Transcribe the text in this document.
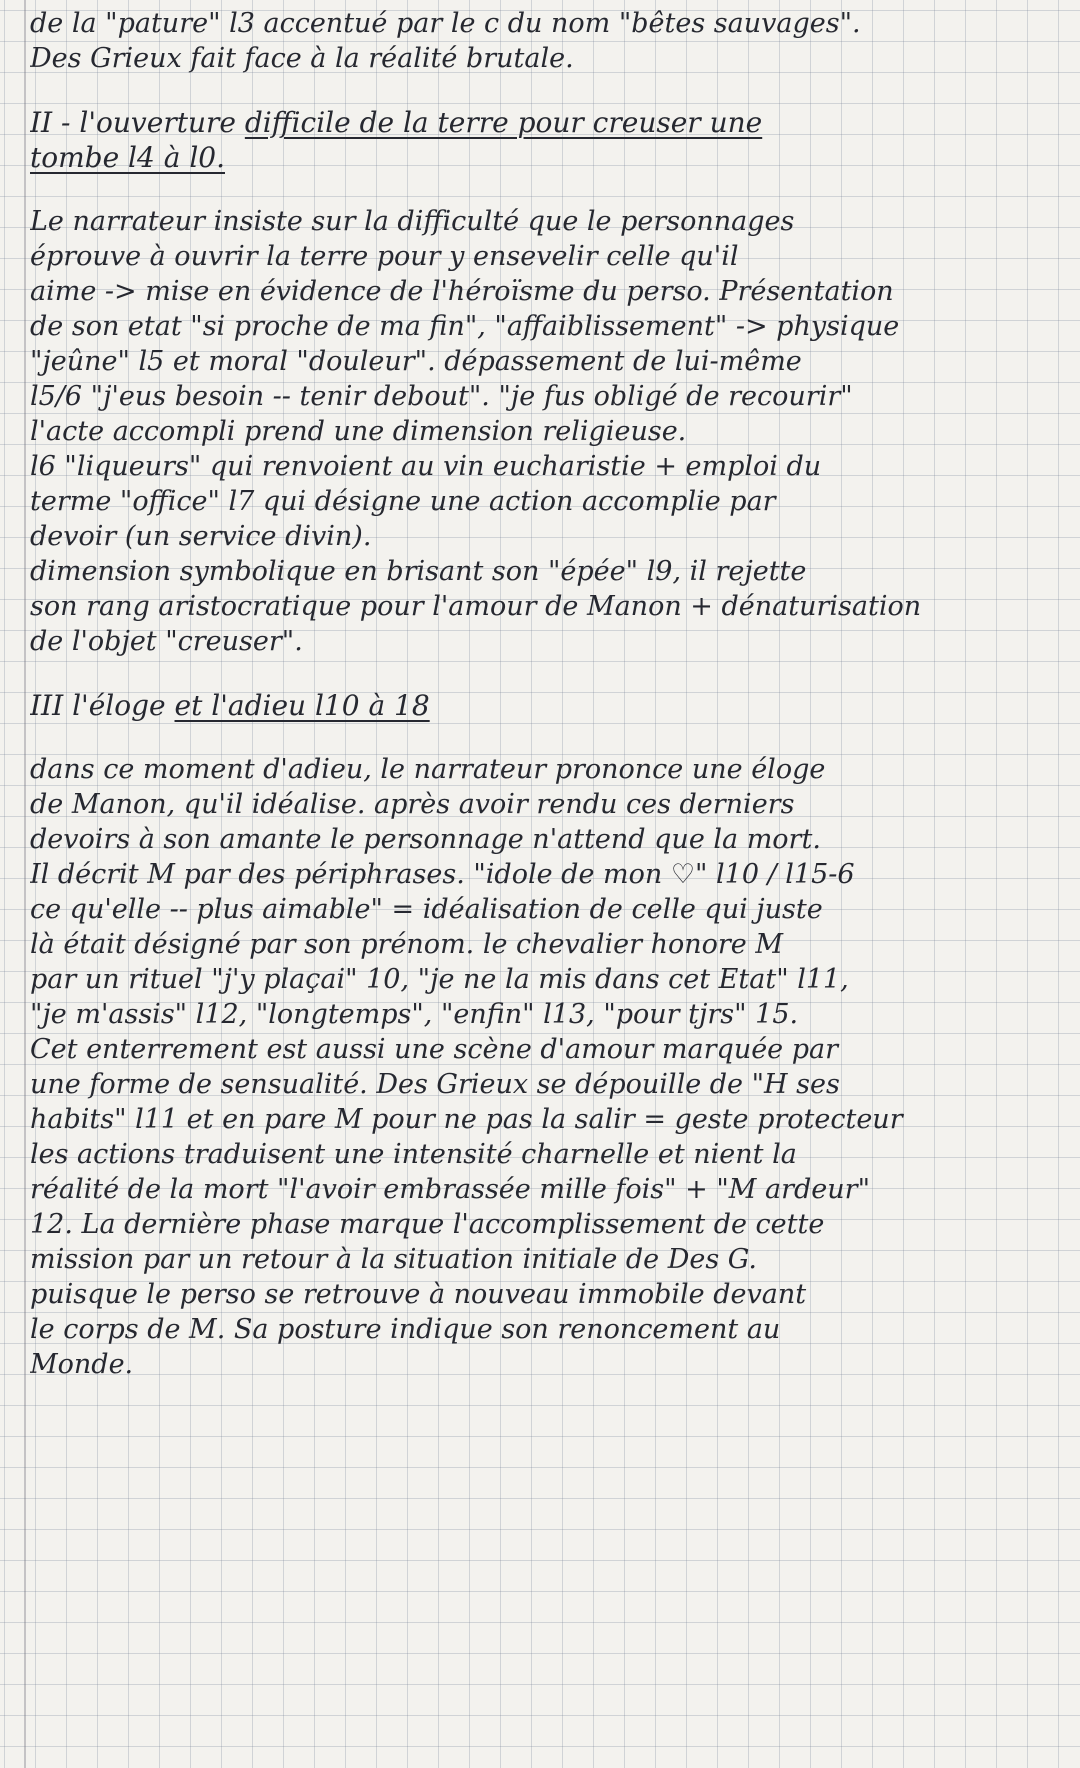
de la "pature" l3 accentué par le c du nom "bêtes sauvages".
Des Grieux fait face à la réalité brutale.
II - l'ouverture difficile de la terre pour creuser une
tombe l4 à l0.
Le narrateur insiste sur la difficulté que le personnages
éprouve à ouvrir la terre pour y ensevelir celle qu'il
aime -> mise en évidence de l'héroïsme du perso. Présentation
de son etat "si proche de ma fin", "affaiblissement" -> physique
"jeûne" l5 et moral "douleur". dépassement de lui-même
l5/6 "j'eus besoin -- tenir debout". "je fus obligé de recourir"
l'acte accompli prend une dimension religieuse.
l6 "liqueurs" qui renvoient au vin eucharistie + emploi du
terme "office" l7 qui désigne une action accomplie par
devoir (un service divin).
dimension symbolique en brisant son "épée" l9, il rejette
son rang aristocratique pour l'amour de Manon + dénaturisation
de l'objet "creuser".
III l'éloge et l'adieu l10 à 18
dans ce moment d'adieu, le narrateur prononce une éloge
de Manon, qu'il idéalise. après avoir rendu ces derniers
devoirs à son amante le personnage n'attend que la mort.
Il décrit M par des périphrases. "idole de mon ♡" l10 / l15-6
ce qu'elle -- plus aimable" = idéalisation de celle qui juste
là était désigné par son prénom. le chevalier honore M
par un rituel "j'y plaçai" 10, "je ne la mis dans cet Etat" l11,
"je m'assis" l12, "longtemps", "enfin" l13, "pour tjrs" 15.
Cet enterrement est aussi une scène d'amour marquée par
une forme de sensualité. Des Grieux se dépouille de "H ses
habits" l11 et en pare M pour ne pas la salir = geste protecteur
les actions traduisent une intensité charnelle et nient la
réalité de la mort "l'avoir embrassée mille fois" + "M ardeur"
12. La dernière phase marque l'accomplissement de cette
mission par un retour à la situation initiale de Des G.
puisque le perso se retrouve à nouveau immobile devant
le corps de M. Sa posture indique son renoncement au
Monde.
